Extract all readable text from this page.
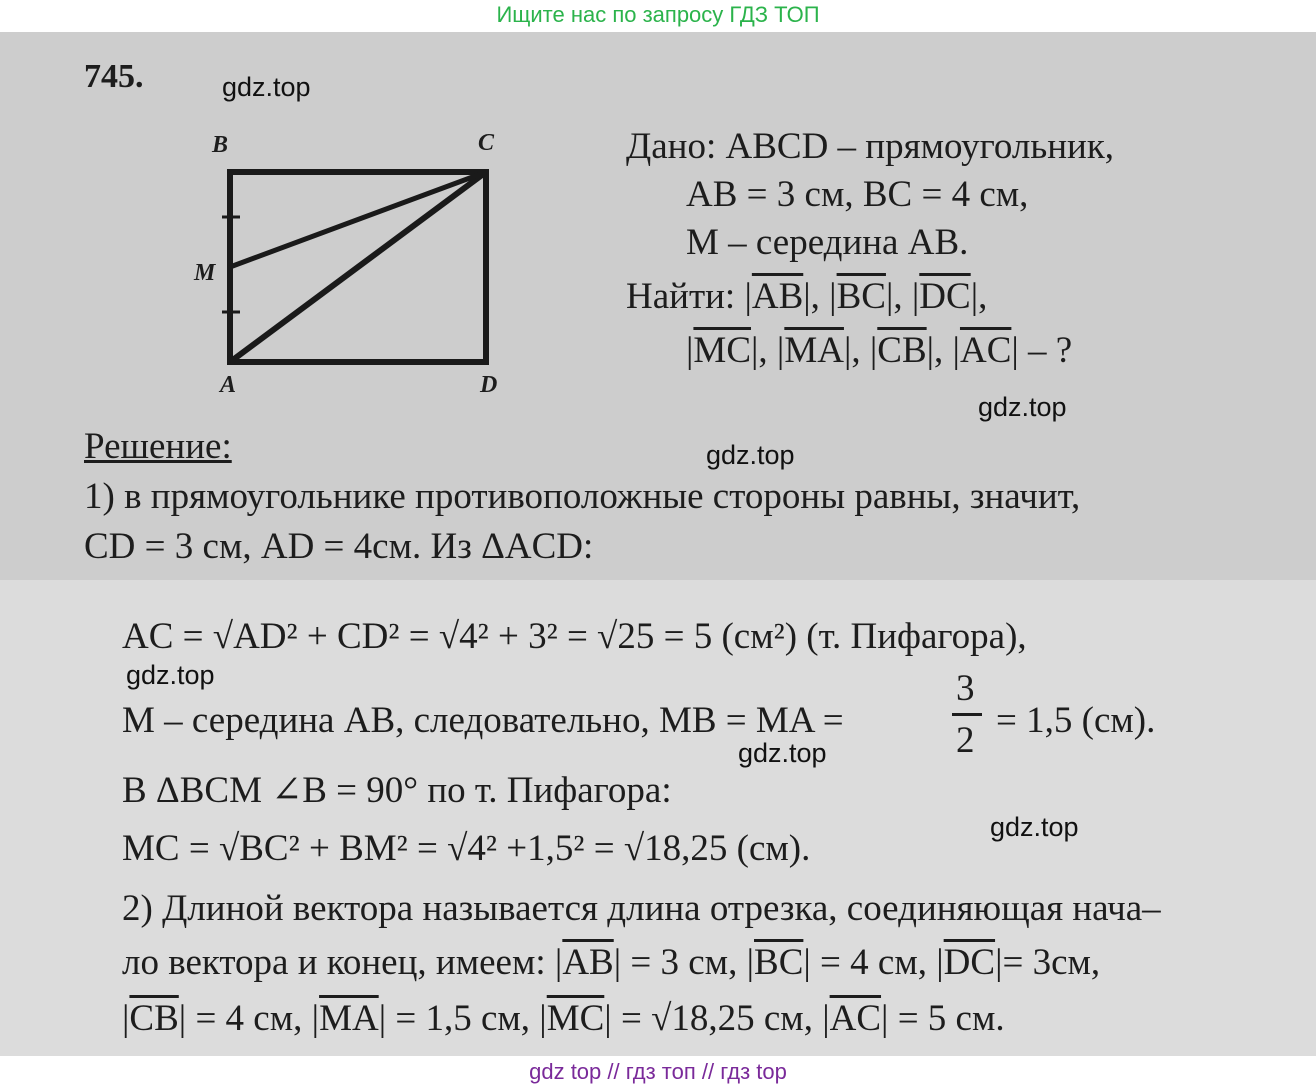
Ищите нас по запросу ГДЗ ТОП
745.
B	C
M
A	D
Дано: ABCD – прямоугольник,
AB = 3 см, BC = 4 см,
M – середина AB.
Найти: $|\overline{AB}|$, $|\overline{BC}|$, $|\overline{DC}|$,
$|\overline{MC}|$, $|\overline{MA}|$, $|\overline{CB}|$, $|\overline{AC}|$ – ?
Решение:
1) в прямоугольнике противоположные стороны равны, значит,
CD = 3 см, AD = 4см. Из ΔACD:
AC = √AD² + CD² = √4² + 3² = √25 = 5 (см²) (т. Пифагора),
M – середина AB, следовательно, MB = MA =
3
2 = 1,5 (см).
В ΔBCM ∠B = 90° по т. Пифагора:
MC = √BC² + BM² = √4² +1,5² = √18,25 (см).
2) Длиной вектора называется длина отрезка, соединяющая нача–
ло вектора и конец, имеем: $|\overline{AB}| = 3$ см, $|\overline{BC}| = 4$ см, $|\overline{DC}|= 3см$,
$|\overline{CB}| = 4$ см, $|\overline{MA}| = 1,5$ см, $|\overline{MC}| = √18,25$ см, $|\overline{AC}| = 5$ см.
gdz.top
gdz.top
gdz.top
gdz.top
gdz.top
gdz.top
gdz top // гдз топ // гдз top
